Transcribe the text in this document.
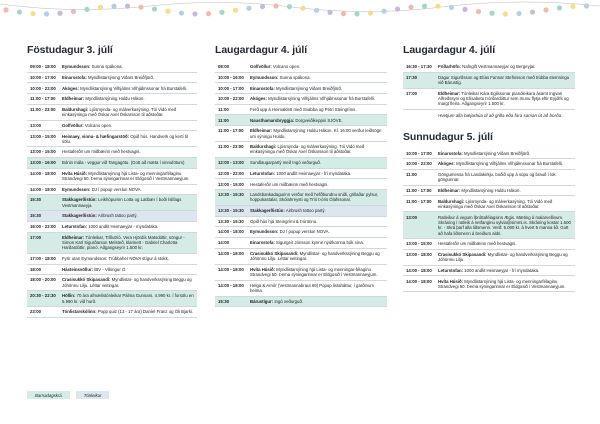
Föstudagur 3. júlí
09:00 - 18:00	Eymundsson: Sunna spákona.
10:00 - 17:00	Einarsstofa: Myndlistarsýning Viðars Breiðfjörð.
10:00 - 22:00	Akóges: Myndlistarsýning Vilhjálms Vilhjálmssonar frá Burstafelli.
11:00 - 17:00	Eldheimar: Myndlistarsýning Huldu Hákon.
11:00 - 23:00	Baldurshagi: Ljósmynda- og málverkasýning. Tói Vidó með einkasýningu með Óskar Axel Óskarsson til aðstoðar.
13:00	Golfvöllur: Volcano open.
13:00 - 15:00	Heimaey, vinnu- & hæfingarstöð: Opið hús. Handverk og kertí til sölu.
13:00 - 15:00	Hestaferðir um miðbæinn með hestvagni.
13:00 - 16:00	Bónin mála - veggur við Tangagötu. (Gott að mæta í vinnufötum)
14:00 - 18:00	Hvíta Húsið: Myndlistarsýning hjá Lista- og menningarfélaginu Strandvegi 50. Þema sýningarinnar er Eldgosið í Vestmannaeyjum.
14:00 - 18:00	Eymundsson: DJ / popup verslun NOVA.
15:30	Stakkagerðistún: Leikhópurinn Lotta og Latibær í boði Íslifags Vestmannaeyja.
15:30	Stakkagerðistún: Airbrush tattoo partý.
16:00 - 22:00	Leturstofan: 1000 andlit Heimaeyjar - myndataka.
17:00	Eldheimar: Tónleikar, Tríllutríó. Vera Hjördís Matsdóttir, söngur - Simon Karl Sigurðarson Melsteð, klarinett - Gabriel Charlotta Harðardóttir, píanó. Aðgangseyrir 1.500 kr.
17:00 - 18:00	Fyrir utan Eymundsson: Trúbbaher NOVA stígur á stokk.
18:00	Hásteinsvöllur: ÍBV - Víkingur Ó
18:00 - 20:00	Crasisukkó Skipasandi: Myndlistar- og handverkssýning Beggu og Jóhönnu Lilju. Léttar veitingar.
20:30 - 22:30	Höllin: 70 ára afmælistónleikar Pálma Gunnars. 4.990 kr. í forsölu en 5.990 kr. við hurð.
23:00	Tónlistarskólinn: Popp quiz (13 - 17 ára) Daníel Franz og Óli Bjarki.
Laugardagur 4. júlí
08:00	Golfvöllur: Volcano open.
10:00 - 16:00	Eymundsson: Sunna spákona.
10:00 - 17:00	Einarsstofa: Myndlistarsýning Viðars Breiðfjörð.
10:00 - 22:00	Akóges: Myndlistarsýning Vilhjálms Vilhjálmssonar frá Burstafelli.
11:00	Ferð upp á Heimaklett með Svabba og Pétri Steingríms.
11:00	Nausthamarsbryggja: Dorgveiðikeppni SJÓVE.
11:00 - 17:00	Eldheimar: Myndlistarsýning Huldu Hákon. Kl. 16:00 verður leiðsögn um sýningu Huldu.
11:00 - 23:00	Baldurshagi: Ljósmynda- og málverkasýning. Tói Vidó með einkasýningu með Óskar Axel Óskarsson til aðstoðar.
12:00 - 13:00	Sundlaugarpartý með Ingó veðurguð.
12:00 - 22:00	Leturstofan: 1000 andlit Heimaeyjar - frí myndataka.
13:00 - 15:00	Hestaferðir um miðbæinn með hestvagni.
13:30 - 15:30	Landsbankadagurinn verður með hefðbundnu sniði, grillaðar pylsur, hoppukastalar, Skólahreysti og Tríó Þóris Ólafssonar.
13:30 - 15:30	Stakkagerðistún: Airbrush tattoo partý.
13:30 - 15:30	Opið hús hjá Steingrími & Þórönnu.
14:00 - 18:00	Eymundsson: DJ / popup verslun NOVA.
14:00	Einarsstofa: Sigurgeir Jónsson kynnir nýútkomna bók sína.
14:00 - 18:00	Crasisukkó Skipasandi: Myndlistar- og handverkssýning Beggu og Jóhönnu Lilju. Léttar veitingar.
14:00 - 18:00	Hvíta Húsið: Myndlistarsýning hjá Lista- og menningar-félaginu Strandvegi 50. Þema sýningarinnar er Eldgosið í Vestmannaeyjum.
14:00 - 18:00	Helga & Arnór (Vestmannabraut 69) Popup listaháttur, í garðinum heima.
15:30	Bárustígur: Ingó veðurguð.
Laugardagur 4. júlí
16:30 - 17:30	Fríðarhöfn: Nafngift Vestmannaeyjar og Bergeyjar.
17:30	Dagur Sigurðsson og Elías Fannar Stefnisson með trúbba stemningu við Bárustíg.
17:00	Eldheimar: Tónleikar Kára Egilssonar píanóleikara ásamt Ingvari Alfreðssyni og Elísabetu Þórðardóttur sem munu flytja eftir Eyjólfs og margt fleira. Aðgangseyrir 1.500 kr.
Hvetjum alla bæjarbúa til að grilla eða fara saman út að borða.
Sunnudagur 5. júlí
10:00 - 17:00	Einarsstofa: Myndlistarsýning Viðars Breiðfjörð.
10:00 - 22:00	Akóges: Myndlistarsýning Vilhjálms Vilhjálmssonar frá Burstafelli.
11:00	Göngumessa frá Landakirkju, boðið upp á súpu og brauð í lok göngunnar.
11:00 - 17:00	Eldheimar: Myndlistarsýning Huldu Hákon.
11:00 - 17:00	Baldurshagi: Ljósmynda- og málverkasýning. Tói Vidó með einkasýningu með Óskar Axel Óskarsson til aðstoðar.
13:00	Ratleikur á vegum Íþróttafélagsins Ægis. Mæting á malarvellinum. Skráning í ratleik á netfanginu sylvia@simmi.is. Skráning kostar 1.500 kr. - Skrá þarf alla liðsmenn. Verð: 5.000 kr. á hvert 5 manna lið. Gott að hafa liðsmenn á breiðum aldri.
13:00 - 15:00	Hestaferðir um miðbæinn með hestvagni.
13:00 - 18:00	Crasisukkó Skipasandi: Myndlistar- og handverkssýning Beggu og Jóhönnu Lilju.
14:00 - 18:00	Leturstofan: 1000 andlit Heimaeyjar - frí myndataka.
14:00 - 18:00	Hvíta Húsið: Myndlistarsýning hjá Lista- og menningarfélaginu Strandvegi 50. Þema sýningarinnar er Eldgosið í Vestmannaeyjum.
Barnadagskrá	Tónleikar
